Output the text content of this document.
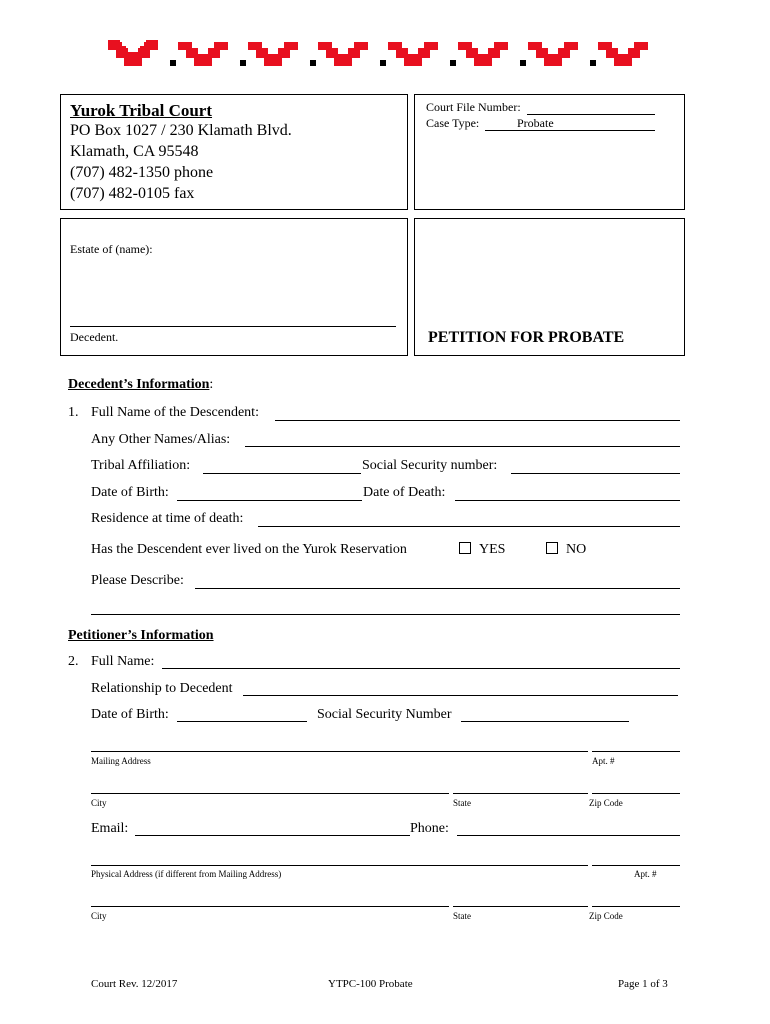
Yurok Tribal Court
PO Box 1027 / 230 Klamath Blvd.
Klamath, CA 95548
(707) 482-1350 phone
(707) 482-0105 fax
Court File Number:
Case Type:	Probate
Estate of (name):
Decedent.	PETITION FOR PROBATE
Decedent’s Information:
1. Full Name of the Descendent:
Any Other Names/Alias:
Tribal Affiliation:	Social Security number:
Date of Birth:	Date of Death:
Residence at time of death:
Has the Descendent ever lived on the Yurok Reservation	YES	NO
Please Describe:
Petitioner’s Information
2. Full Name:
Relationship to Decedent
Date of Birth:	Social Security Number
Mailing Address	Apt. #
City	State	Zip Code
Email:	Phone:
Physical Address (if different from Mailing Address)	Apt. #
City	State	Zip Code
Court Rev. 12/2017	YTPC-100 Probate	Page 1 of 3
